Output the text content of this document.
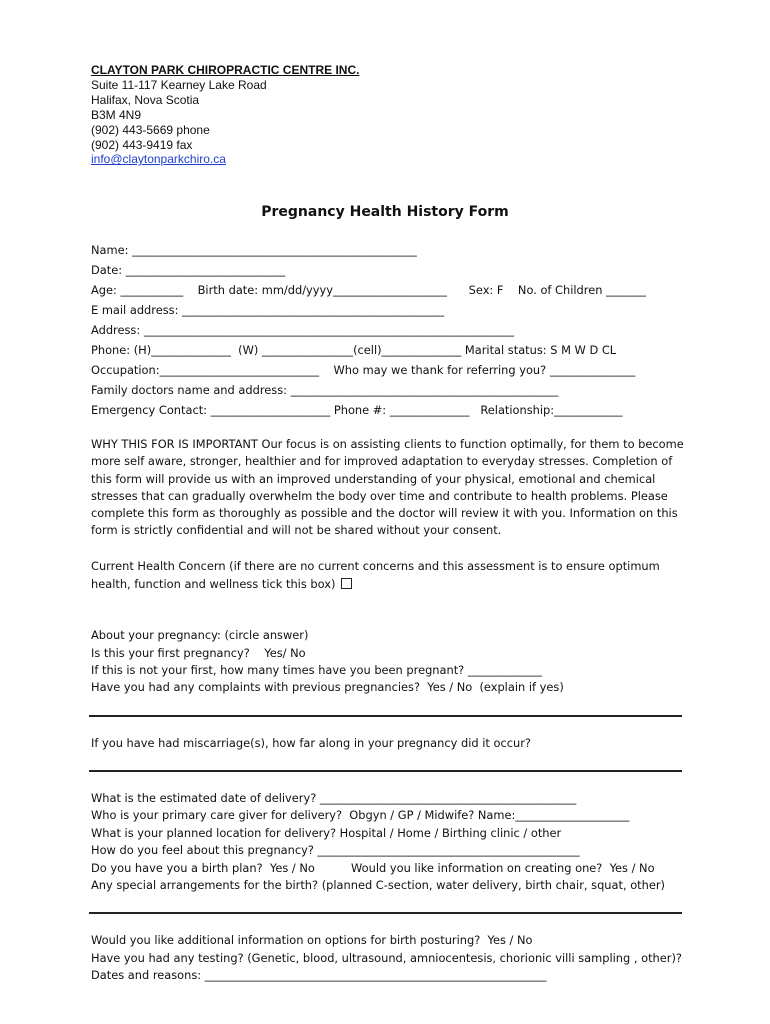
CLAYTON PARK CHIROPRACTIC CENTRE INC.
Suite 11-117 Kearney Lake Road
Halifax, Nova Scotia
B3M 4N9
(902) 443-5669 phone
(902) 443-9419 fax
info@claytonparkchiro.ca
Pregnancy Health History Form
Name: __________________________________________________
Date: ____________________________
Age: ___________    Birth date: mm/dd/yyyy____________________      Sex: F    No. of Children _______
E mail address: ______________________________________________
Address: _________________________________________________________________
Phone: (H)______________  (W) ________________(cell)______________ Marital status: S M W D CL
Occupation:____________________________    Who may we thank for referring you? _______________
Family doctors name and address: _______________________________________________
Emergency Contact: _____________________ Phone #: ______________   Relationship:____________
WHY THIS FOR IS IMPORTANT Our focus is on assisting clients to function optimally, for them to become more self aware, stronger, healthier and for improved adaptation to everyday stresses. Completion of this form will provide us with an improved understanding of your physical, emotional and chemical stresses that can gradually overwhelm the body over time and contribute to health problems. Please complete this form as thoroughly as possible and the doctor will review it with you. Information on this form is strictly confidential and will not be shared without your consent.
Current Health Concern (if there are no current concerns and this assessment is to ensure optimum
health, function and wellness tick this box)
About your pregnancy: (circle answer)
Is this your first pregnancy?    Yes/ No
If this is not your first, how many times have you been pregnant? _____________
Have you had any complaints with previous pregnancies?  Yes / No  (explain if yes)
If you have had miscarriage(s), how far along in your pregnancy did it occur?
What is the estimated date of delivery? _____________________________________________
Who is your primary care giver for delivery?  Obgyn / GP / Midwife? Name:____________________
What is your planned location for delivery? Hospital / Home / Birthing clinic / other
How do you feel about this pregnancy? ______________________________________________
Do you have you a birth plan?  Yes / No          Would you like information on creating one?  Yes / No
Any special arrangements for the birth? (planned C-section, water delivery, birth chair, squat, other)
Would you like additional information on options for birth posturing?  Yes / No
Have you had any testing? (Genetic, blood, ultrasound, amniocentesis, chorionic villi sampling , other)?
Dates and reasons: ____________________________________________________________
